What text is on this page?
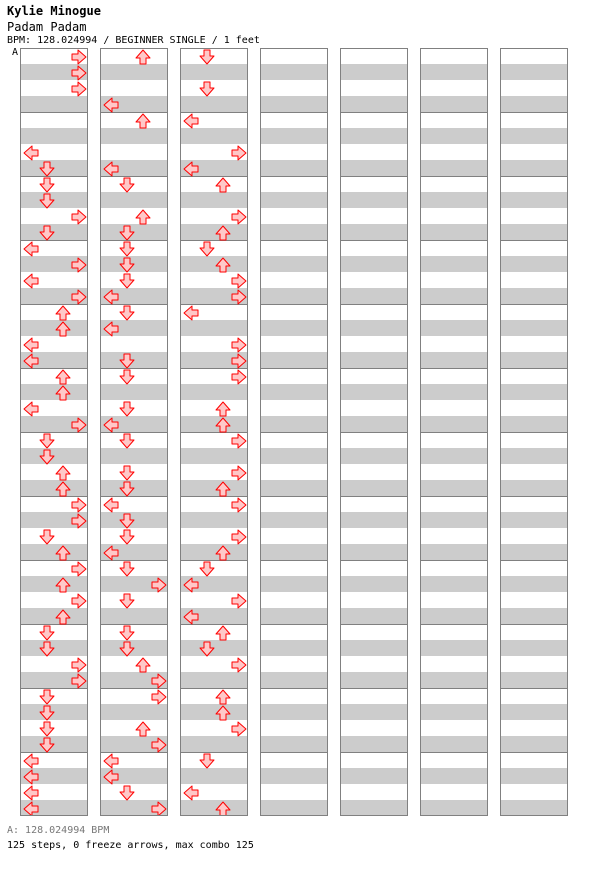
Kylie Minogue
Padam Padam
BPM: 128.024994 / BEGINNER SINGLE / 1 feet
A
A: 128.024994 BPM
125 steps, 0 freeze arrows, max combo 125
